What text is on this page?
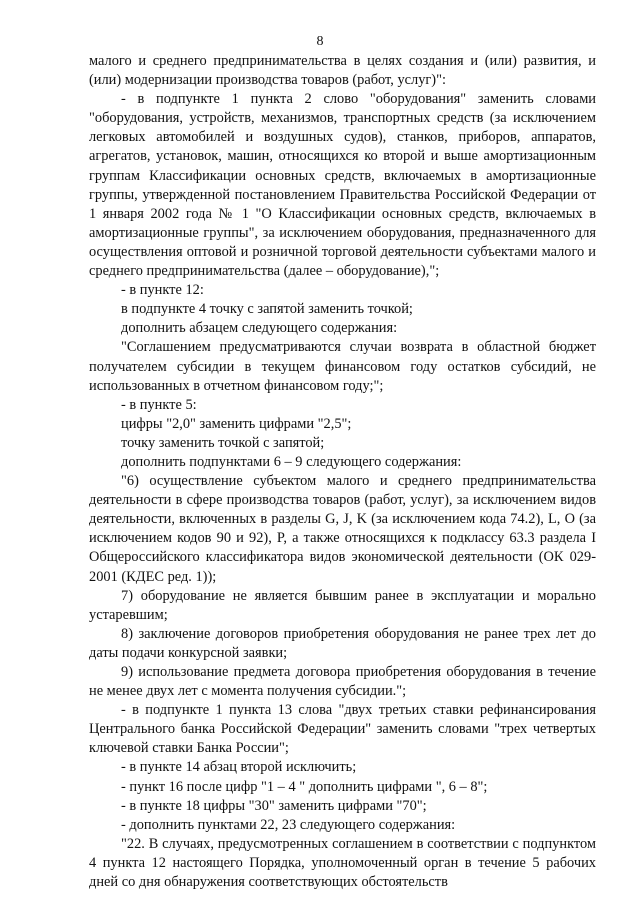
8

малого и среднего предпринимательства в целях создания и (или) развития, и (или) модернизации производства товаров (работ, услуг)":

- в подпункте 1 пункта 2 слово "оборудования" заменить словами "оборудования, устройств, механизмов, транспортных средств (за исключением легковых автомобилей и воздушных судов), станков, приборов, аппаратов, агрегатов, установок, машин, относящихся ко второй и выше амортизационным группам Классификации основных средств, включаемых в амортизационные группы, утвержденной постановлением Правительства Российской Федерации от 1 января 2002 года № 1 "О Классификации основных средств, включаемых в амортизационные группы", за исключением оборудования, предназначенного для осуществления оптовой и розничной торговой деятельности субъектами малого и среднего предпринимательства (далее – оборудование),";

- в пункте 12:

в подпункте 4 точку с запятой заменить точкой;

дополнить абзацем следующего содержания:

"Соглашением предусматриваются случаи возврата в областной бюджет получателем субсидии в текущем финансовом году остатков субсидий, не использованных в отчетном финансовом году;";

- в пункте 5:

цифры "2,0" заменить цифрами "2,5";

точку заменить точкой с запятой;

дополнить подпунктами 6 – 9 следующего содержания:

"6) осуществление субъектом малого и среднего предпринимательства деятельности в сфере производства товаров (работ, услуг), за исключением видов деятельности, включенных в разделы G, J, K (за исключением кода 74.2), L, O (за исключением кодов 90 и 92), P, а также относящихся к подклассу 63.3 раздела I Общероссийского классификатора видов экономической деятельности (ОК 029-2001 (КДЕС ред. 1));

7) оборудование не является бывшим ранее в эксплуатации и морально устаревшим;

8) заключение договоров приобретения оборудования не ранее трех лет до даты подачи конкурсной заявки;

9) использование предмета договора приобретения оборудования в течение не менее двух лет с момента получения субсидии.";

- в подпункте 1 пункта 13 слова "двух третьих ставки рефинансирования Центрального банка Российской Федерации" заменить словами "трех четвертых ключевой ставки Банка России";

- в пункте 14 абзац второй исключить;

- пункт 16 после цифр "1 – 4 " дополнить цифрами ", 6 – 8";

- в пункте 18 цифры "30" заменить цифрами "70";

- дополнить пунктами 22, 23 следующего содержания:

"22. В случаях, предусмотренных соглашением в соответствии с подпунктом 4 пункта 12 настоящего Порядка, уполномоченный орган в течение 5 рабочих дней со дня обнаружения соответствующих обстоятельств
